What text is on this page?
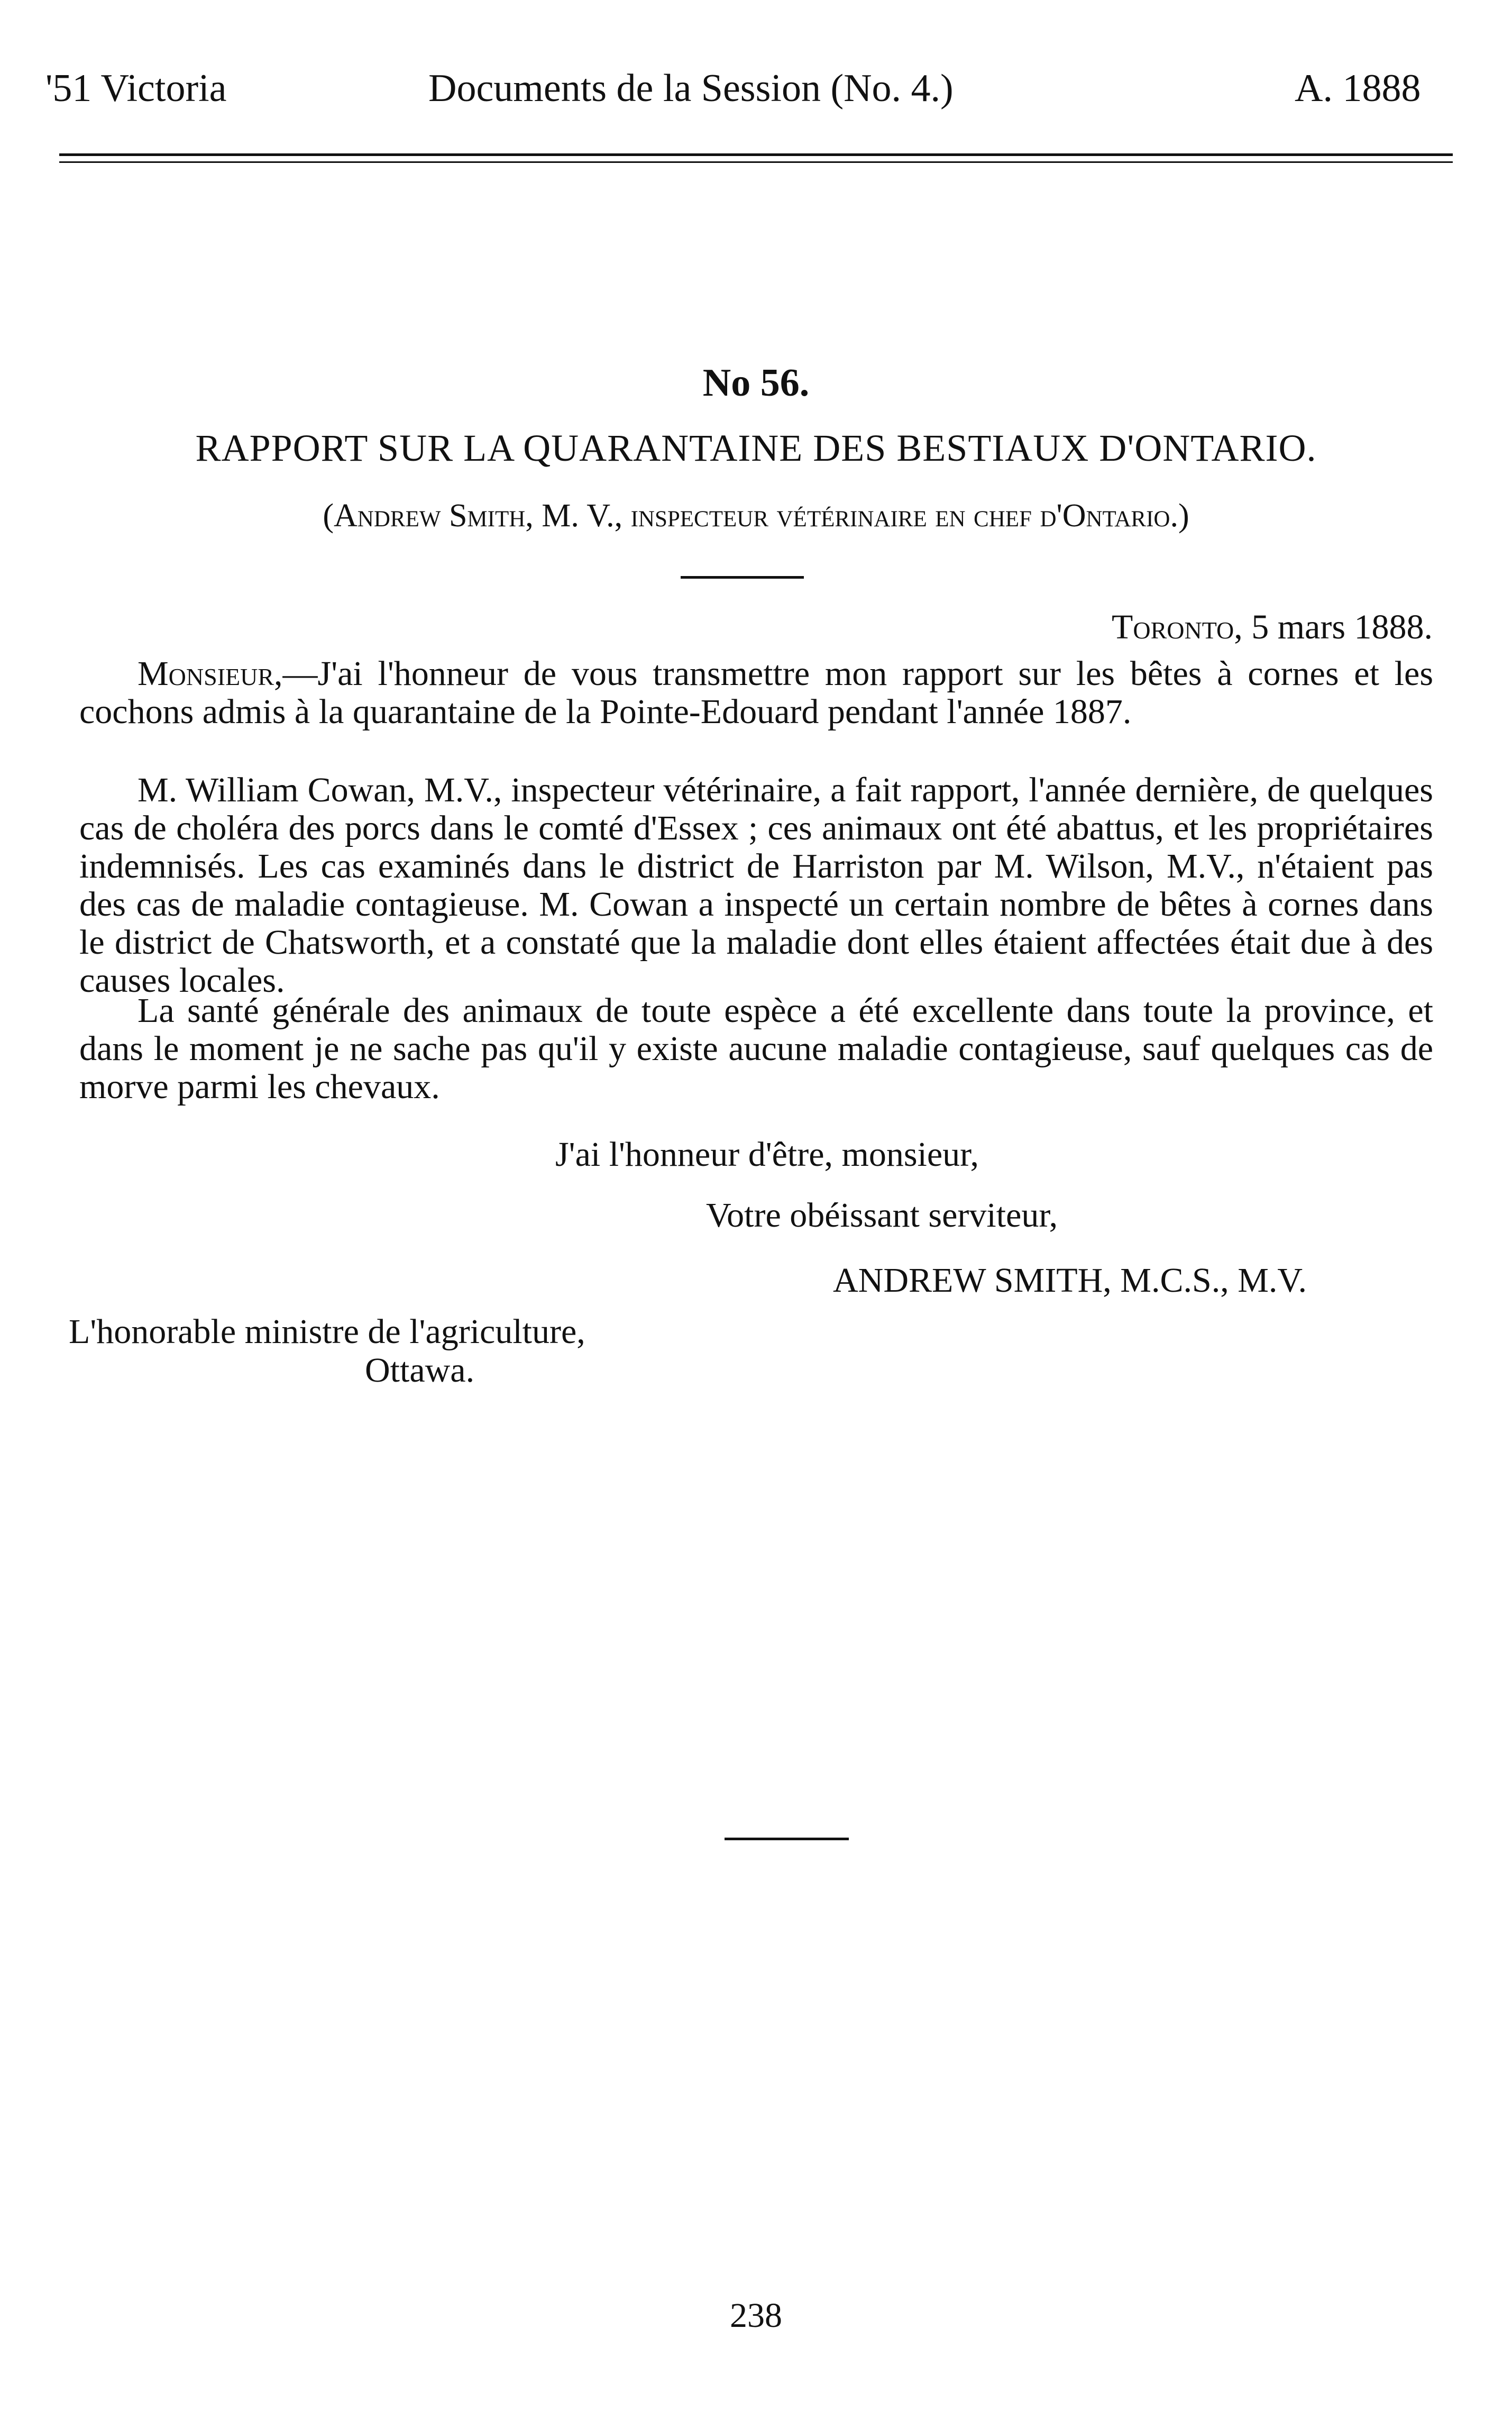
'51 Victoria	Documents de la Session (No. 4.)	A. 1888
No 56.
RAPPORT SUR LA QUARANTAINE DES BESTIAUX D'ONTARIO.
(Andrew Smith, M. V., inspecteur vétérinaire en chef d'Ontario.)
Toronto, 5 mars 1888.

Monsieur,—J'ai l'honneur de vous transmettre mon rapport sur les bêtes à cornes et les cochons admis à la quarantaine de la Pointe-Edouard pendant l'année 1887.

M. William Cowan, M.V., inspecteur vétérinaire, a fait rapport, l'année dernière, de quelques cas de choléra des porcs dans le comté d'Essex ; ces animaux ont été abattus, et les propriétaires indemnisés. Les cas examinés dans le district de Harriston par M. Wilson, M.V., n'étaient pas des cas de maladie contagieuse. M. Cowan a inspecté un certain nombre de bêtes à cornes dans le district de Chatsworth, et a constaté que la maladie dont elles étaient affectées était due à des causes locales.

La santé générale des animaux de toute espèce a été excellente dans toute la province, et dans le moment je ne sache pas qu'il y existe aucune maladie contagieuse, sauf quelques cas de morve parmi les chevaux.

J'ai l'honneur d'être, monsieur,
Votre obéissant serviteur,
ANDREW SMITH, M.C.S., M.V.
L'honorable ministre de l'agriculture,
Ottawa.
238
